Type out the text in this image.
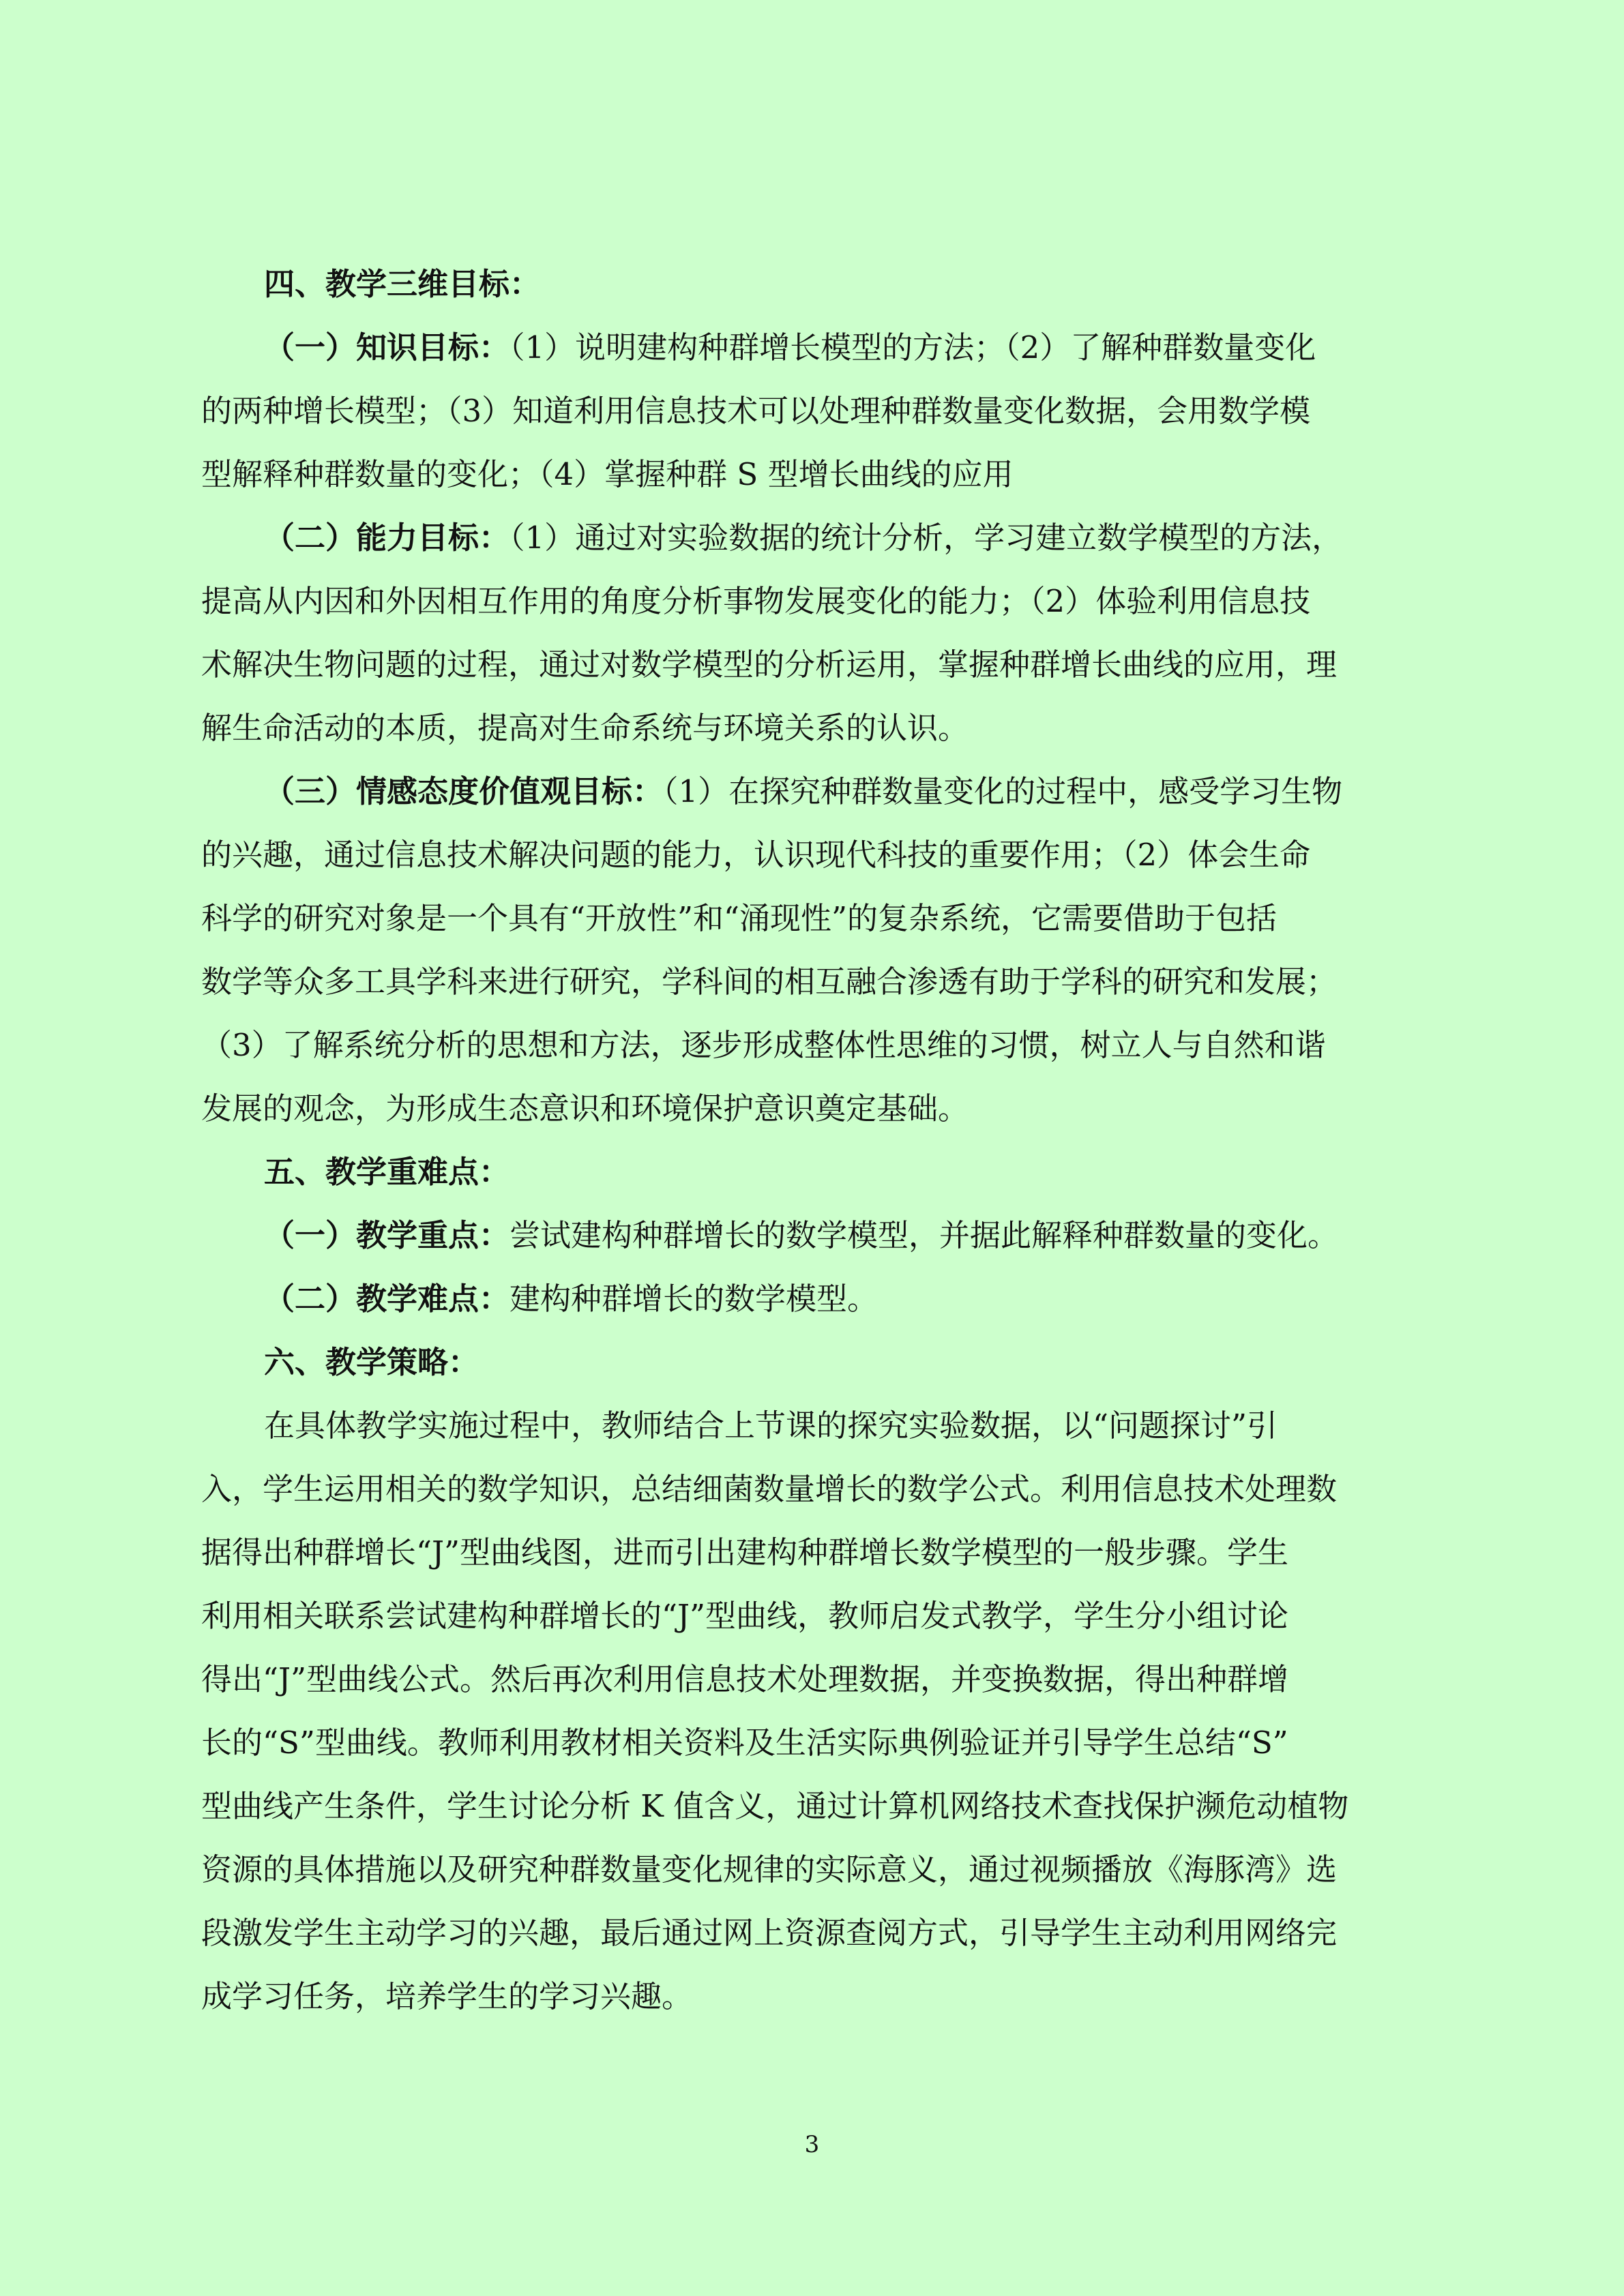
四、教学三维目标：
（一）知识目标：（1）说明建构种群增长模型的方法；（2）了解种群数量变化
的两种增长模型；（3）知道利用信息技术可以处理种群数量变化数据，会用数学模
型解释种群数量的变化；（4）掌握种群 S 型增长曲线的应用
（二）能力目标：（1）通过对实验数据的统计分析，学习建立数学模型的方法，
提高从内因和外因相互作用的角度分析事物发展变化的能力；（2）体验利用信息技
术解决生物问题的过程，通过对数学模型的分析运用，掌握种群增长曲线的应用，理
解生命活动的本质，提高对生命系统与环境关系的认识。
（三）情感态度价值观目标：（1）在探究种群数量变化的过程中，感受学习生物
的兴趣，通过信息技术解决问题的能力，认识现代科技的重要作用；（2）体会生命
科学的研究对象是一个具有“开放性”和“涌现性”的复杂系统，它需要借助于包括
数学等众多工具学科来进行研究，学科间的相互融合渗透有助于学科的研究和发展；
（3）了解系统分析的思想和方法，逐步形成整体性思维的习惯，树立人与自然和谐
发展的观念，为形成生态意识和环境保护意识奠定基础。
五、教学重难点：
（一）教学重点：尝试建构种群增长的数学模型，并据此解释种群数量的变化。
（二）教学难点：建构种群增长的数学模型。
六、教学策略：
在具体教学实施过程中，教师结合上节课的探究实验数据，以“问题探讨”引
入，学生运用相关的数学知识，总结细菌数量增长的数学公式。利用信息技术处理数
据得出种群增长“J”型曲线图，进而引出建构种群增长数学模型的一般步骤。学生
利用相关联系尝试建构种群增长的“J”型曲线，教师启发式教学，学生分小组讨论
得出“J”型曲线公式。然后再次利用信息技术处理数据，并变换数据，得出种群增
长的“S”型曲线。教师利用教材相关资料及生活实际典例验证并引导学生总结“S”
型曲线产生条件，学生讨论分析 K 值含义，通过计算机网络技术查找保护濒危动植物
资源的具体措施以及研究种群数量变化规律的实际意义，通过视频播放《海豚湾》选
段激发学生主动学习的兴趣，最后通过网上资源查阅方式，引导学生主动利用网络完
成学习任务，培养学生的学习兴趣。
3
